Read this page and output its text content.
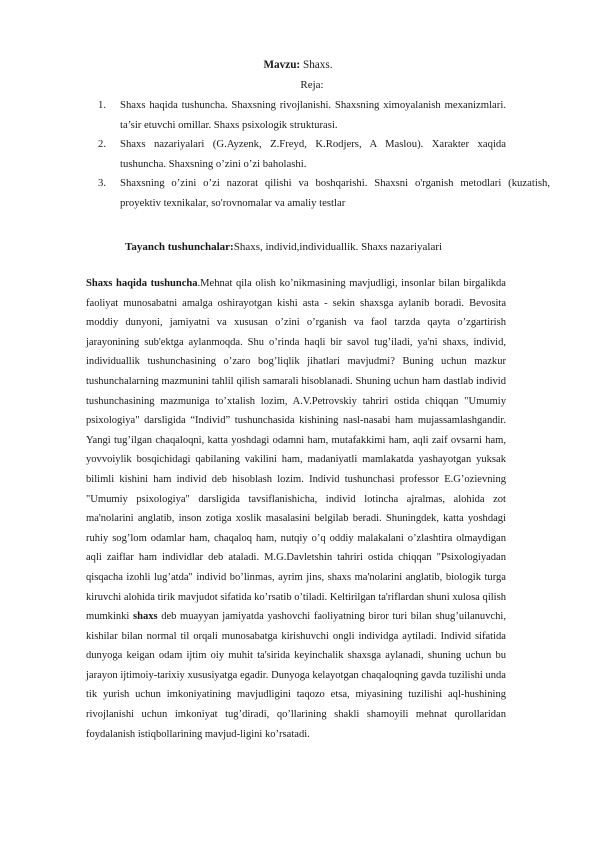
Mavzu: Shaxs.
Reja:
1. Shaxs haqida tushuncha. Shaxsning rivojlanishi. Shaxsning ximoyalanish mexanizmlari. ta’sir etuvchi omillar. Shaxs psixologik strukturasi.
2. Shaxs nazariyalari (G.Ayzenk, Z.Freyd, K.Rodjers, A Maslou). Xarakter xaqida tushuncha. Shaxsning o’zini o’zi baholashi.
3. Shaxsning o’zini o’zi nazorat qilishi va boshqarishi. Shaxsni o'rganish metodlari (kuzatish, proyektiv texnikalar, so'rovnomalar va amaliy testlar
Tayanch tushunchalar:Shaxs, individ,individuallik. Shaxs nazariyalari

Shaxs haqida tushuncha.Mehnat qila olish ko’nikmasining mavjudligi, insonlar bilan birgalikda faoliyat munosabatni amalga oshirayotgan kishi asta - sekin shaxsga aylanib boradi. Bevosita moddiy dunyoni, jamiyatni va xususan o’zini o’rganish va faol tarzda qayta o’zgartirish jarayonining sub'ektga aylanmoqda. Shu o’rinda haqli bir savol tug’iladi, ya'ni shaxs, individ, individuallik tushunchasining o’zaro bog’liqlik jihatlari mavjudmi? Buning uchun mazkur tushunchalarning mazmunini tahlil qilish samarali hisoblanadi. Shuning uchun ham dastlab individ tushunchasining mazmuniga to’xtalish lozim, A.V.Petrovskiy tahriri ostida chiqqan "Umumiy psixologiya" darsligida “Individ” tushunchasida kishining nasl-nasabi ham mujassamlashgandir. Yangi tug’ilgan chaqaloqni, katta yoshdagi odamni ham, mutafakkimi ham, aqli zaif ovsarni ham, yovvoiylik bosqichidagi qabilaning vakilini ham, madaniyatli mamlakatda yashayotgan yuksak bilimli kishini ham individ deb hisoblash lozim. Individ tushunchasi professor E.G’ozievning "Umumiy psixologiya" darsligida tavsiflanishicha, individ lotincha ajralmas, alohida zot ma'nolarini anglatib, inson zotiga xoslik masalasini belgilab beradi. Shuningdek, katta yoshdagi ruhiy sog’lom odamlar ham, chaqaloq ham, nutqiy o’q oddiy malakalani o’zlashtira olmaydigan aqli zaiflar ham individlar deb ataladi. M.G.Davletshin tahriri ostida chiqqan "Psixologiyadan qisqacha izohli lug’atda" individ bo’linmas, ayrim jins, shaxs ma'nolarini anglatib, biologik turga kiruvchi alohida tirik mavjudot sifatida ko’rsatib o’tiladi. Keltirilgan ta'riflardan shuni xulosa qilish mumkinki shaxs deb muayyan jamiyatda yashovchi faoliyatning biror turi bilan shug’uilanuvchi, kishilar bilan normal til orqali munosabatga kirishuvchi ongli individga aytiladi. Individ sifatida dunyoga keigan odam ijtim oiy muhit ta'sirida keyinchalik shaxsga aylanadi, shuning uchun bu jarayon ijtimoiy-tarixiy xususiyatga egadir. Dunyoga kelayotgan chaqaloqning gavda tuzilishi unda tik yurish uchun imkoniyatining mavjudligini taqozo etsa, miyasining tuzilishi aql-hushining rivojlanishi uchun imkoniyat tug’diradi, qo’llarining shakli shamoyili mehnat qurollaridan foydalanish istiqbollarining mavjud-ligini ko’rsatadi.
